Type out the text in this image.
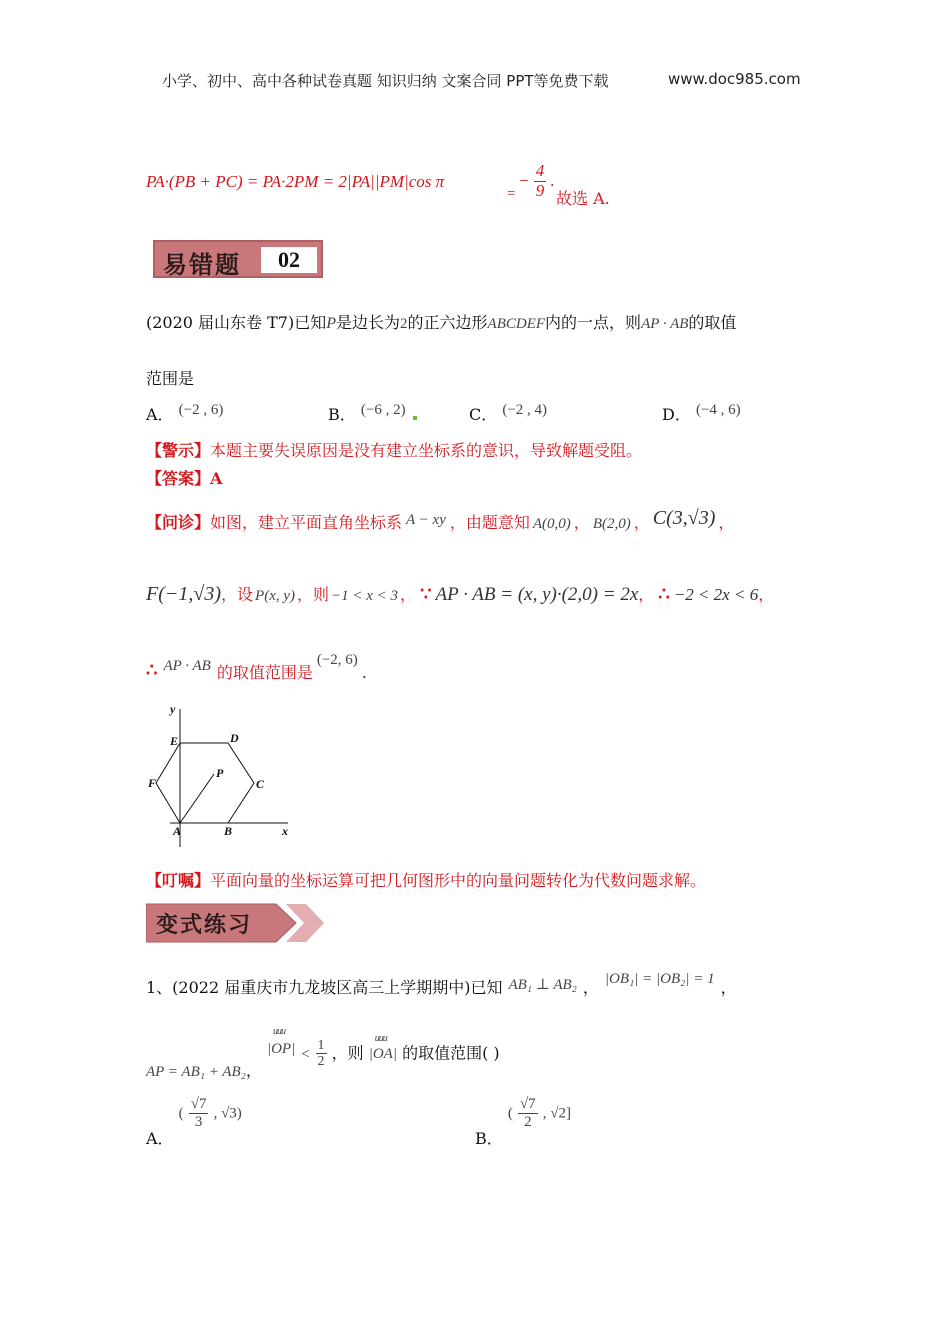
小学、初中、高中各种试卷真题 知识归纳 文案合同 PPT等免费下载	www.doc985.com
PA·(PB + PC) = PA·2PM = 2|PA||PM|cos π
=
− $\frac{4}{9}$ .
故选 A.
易错题	02
(2020 届山东卷 T7)已知P是边长为2的正六边形ABCDEF内的一点，则AP · AB的取值
范围是
A． (−2 , 6)	B． (−6 , 2)	C． (−2 , 4)	D． (−4 , 6)
【警示】本题主要失误原因是没有建立坐标系的意识，导致解题受阻。
【答案】A
【问诊】如图，建立平面直角坐标系 A − xy ，由题意知 A(0,0) ， B(2,0) ， C(3,√3) ，
F(−1,√3)，设 P(x, y) ，则 −1 < x < 3 ， ∵ AP · AB = (x, y)·(2,0) = 2x， ∴ −2 < 2x < 6，
∴ AP · AB 的取值范围是(−2, 6).
y
x
A	B
C
D
E
F
P
【叮嘱】平面向量的坐标运算可把几何图形中的向量问题转化为代数问题求解。
变式练习
1、(2022 届重庆市九龙坡区高三上学期期中)已知 AB₁ ⊥ AB₂ ， |OB₁| = |OB₂| = 1 ，
AP = AB₁ + AB₂，
uuu
$|OP| < \frac{1}{2}$ ，则
uuu
|OA| 的取值范围( )
A． ( $\frac{√7}{3}$ , √3)
B． ( $\frac{√7}{2}$ , √2]
